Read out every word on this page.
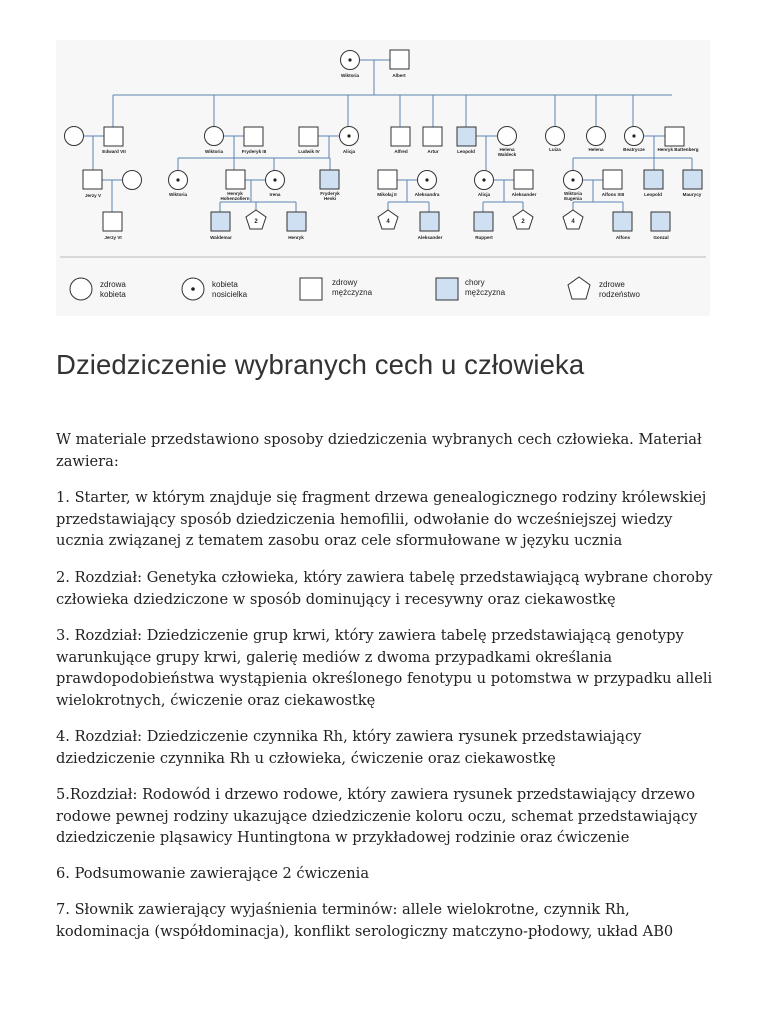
Wiktoria	Albert
Edward VII	Wiktoria	Fryderyk III	Ludwik IV	Alicja	Alfred	Artur	Leopold	Helena
Waldeck
Luiza	Helena	Beatrycze	Henryk Battenberg
Jerzy V	Wiktoria	Henryk
Hohenzollern
Irena	Fryderyk
Heski
Mikołaj II	Aleksandra	Alicja	Aleksander	Wiktoria
Eugenia
Alfons XIII	Leopold	Maurycy
Jerzy VI	Waldemar	Henryk	Aleksander	Ruppert	Alfons	Gonzal
2	4	2	4
zdrowa
kobieta
kobieta
nosicielka
zdrowy
mężczyzna
chory
mężczyzna
zdrowe
rodzeństwo
Dziedziczenie wybranych cech u człowieka

W materiale przedstawiono sposoby dziedziczenia wybranych cech człowieka. Materiał zawiera:

1. Starter, w którym znajduje się fragment drzewa genealogicznego rodziny królewskiej przedstawiający sposób dziedziczenia hemofilii, odwołanie do wcześniejszej wiedzy ucznia związanej z tematem zasobu oraz cele sformułowane w języku ucznia

2. Rozdział: Genetyka człowieka, który zawiera tabelę przedstawiającą wybrane choroby człowieka dziedziczone w sposób dominujący i recesywny oraz ciekawostkę

3. Rozdział: Dziedziczenie grup krwi, który zawiera tabelę przedstawiającą genotypy warunkujące grupy krwi, galerię mediów z dwoma przypadkami określania prawdopodobieństwa wystąpienia określonego fenotypu u potomstwa w przypadku alleli wielokrotnych, ćwiczenie oraz ciekawostkę

4. Rozdział: Dziedziczenie czynnika Rh, który zawiera rysunek przedstawiający dziedziczenie czynnika Rh u człowieka, ćwiczenie oraz ciekawostkę

5.Rozdział: Rodowód i drzewo rodowe, który zawiera rysunek przedstawiający drzewo rodowe pewnej rodziny ukazujące dziedziczenie koloru oczu, schemat przedstawiający dziedziczenie pląsawicy Huntingtona w przykładowej rodzinie oraz ćwiczenie

6. Podsumowanie zawierające 2 ćwiczenia

7. Słownik zawierający wyjaśnienia terminów: allele wielokrotne, czynnik Rh, kodominacja (współdominacja), konflikt serologiczny matczyno-płodowy, układ AB0
